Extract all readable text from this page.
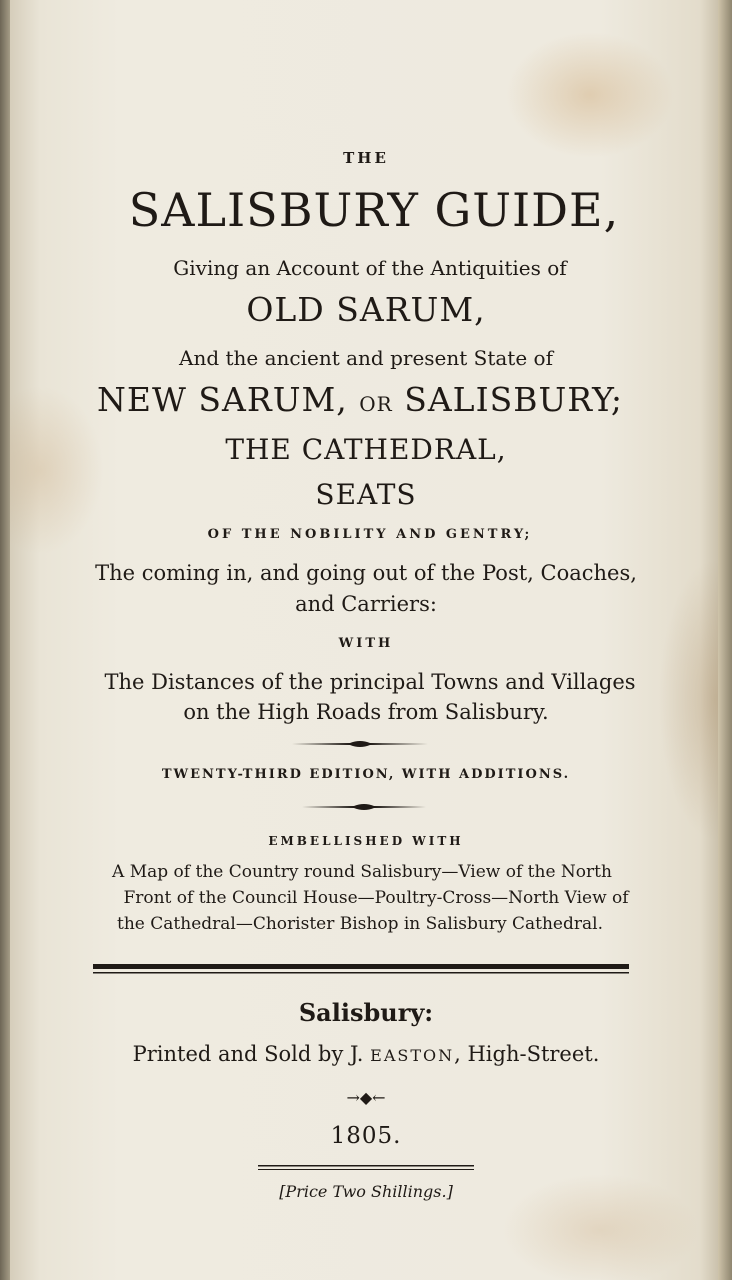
THE

SALISBURY GUIDE,

Giving an Account of the Antiquities of

OLD SARUM,

And the ancient and present State of

NEW SARUM, OR SALISBURY;

THE CATHEDRAL,

SEATS

OF THE NOBILITY AND GENTRY;

The coming in, and going out of the Post, Coaches,

and Carriers:

WITH

The Distances of the principal Towns and Villages

on the High Roads from Salisbury.

TWENTY-THIRD EDITION, WITH ADDITIONS.

EMBELLISHED WITH

A Map of the Country round Salisbury—View of the North

Front of the Council House—Poultry-Cross—North View of

the Cathedral—Chorister Bishop in Salisbury Cathedral.

Salisbury:

Printed and Sold by J. EASTON, High-Street.

→◆←

1805.

[Price Two Shillings.]
